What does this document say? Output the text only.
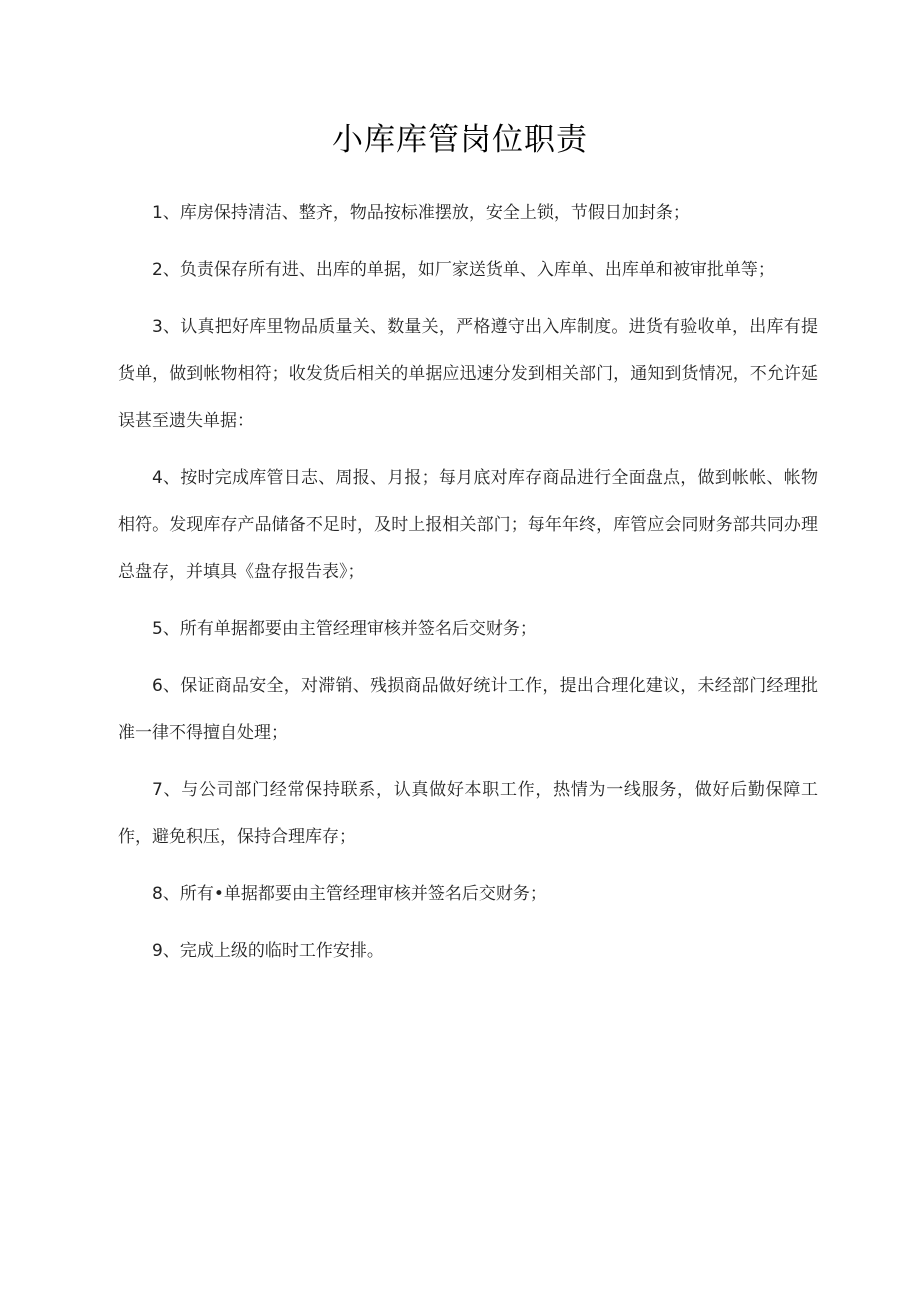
小库库管岗位职责

1、库房保持清洁、整齐，物品按标准摆放，安全上锁，节假日加封条；

2、负责保存所有进、出库的单据，如厂家送货单、入库单、出库单和被审批单等；

3、认真把好库里物品质量关、数量关，严格遵守出入库制度。进货有验收单，出库有提货单，做到帐物相符；收发货后相关的单据应迅速分发到相关部门，通知到货情况，不允许延误甚至遗失单据：

4、按时完成库管日志、周报、月报；每月底对库存商品进行全面盘点，做到帐帐、帐物相符。发现库存产品储备不足时，及时上报相关部门；每年年终，库管应会同财务部共同办理总盘存，并填具《盘存报告表》；

5、所有单据都要由主管经理审核并签名后交财务；

6、保证商品安全，对滞销、残损商品做好统计工作，提出合理化建议，未经部门经理批准一律不得擅自处理；

7、与公司部门经常保持联系，认真做好本职工作，热情为一线服务，做好后勤保障工作，避免积压，保持合理库存；

8、所有•单据都要由主管经理审核并签名后交财务；

9、完成上级的临时工作安排。
